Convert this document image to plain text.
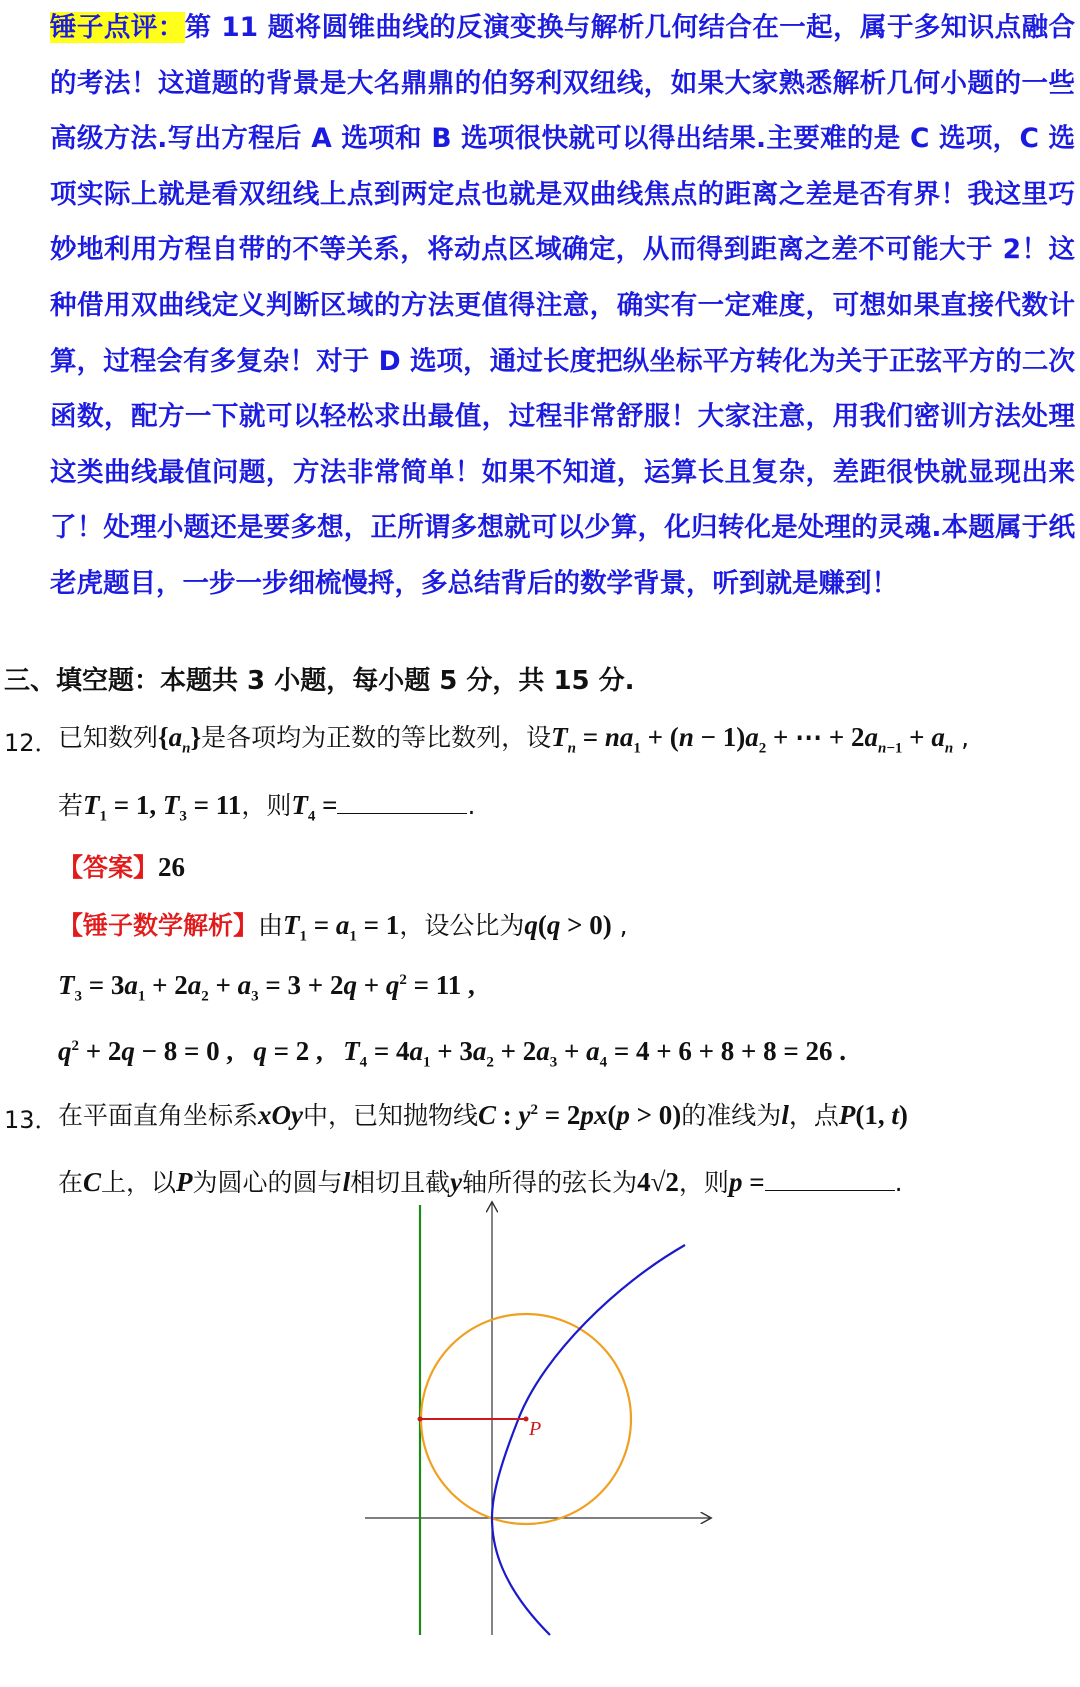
锤子点评：第 11 题将圆锥曲线的反演变换与解析几何结合在一起，属于多知识点融合的考法！这道题的背景是大名鼎鼎的伯努利双纽线，如果大家熟悉解析几何小题的一些高级方法.写出方程后 A 选项和 B 选项很快就可以得出结果.主要难的是 C 选项，C 选项实际上就是看双纽线上点到两定点也就是双曲线焦点的距离之差是否有界！我这里巧妙地利用方程自带的不等关系，将动点区域确定，从而得到距离之差不可能大于 2！这种借用双曲线定义判断区域的方法更值得注意，确实有一定难度，可想如果直接代数计算，过程会有多复杂！对于 D 选项，通过长度把纵坐标平方转化为关于正弦平方的二次函数，配方一下就可以轻松求出最值，过程非常舒服！大家注意，用我们密训方法处理这类曲线最值问题，方法非常简单！如果不知道，运算长且复杂，差距很快就显现出来了！处理小题还是要多想，正所谓多想就可以少算，化归转化是处理的灵魂.本题属于纸老虎题目，一步一步细梳慢捋，多总结背后的数学背景，听到就是赚到！
三、填空题：本题共 3 小题，每小题 5 分，共 15 分.
12． 已知数列$\{a_n\}$是各项均为正数的等比数列，设$T_n = na_1 + (n - 1)a_2$ + ⋯ + $2a_{n-1} + a_n$ ,
若$T_1 = 1$, $T_3 = 11$，则$T_4$ =	.
【答案】26
【锤子数学解析】由$T_1 = a_1 = 1$，设公比为q(q > 0) ,
$T_3 = 3a_1 + 2a_2 + a_3 = 3 + 2q + q^2 = 11$ ,
$q^2 + 2q - 8 = 0$ ,   q = 2 ,   $T_4 = 4a_1 + 3a_2 + 2a_3 + a_4 = 4 + 6 + 8 + 8 = 26$ .
13． 在平面直角坐标系xOy中，已知抛物线C : $y^2 = 2px(p > 0)$的准线为l，点P(1, t)
在C上，以P为圆心的圆与l相切且截y轴所得的弦长为4√2，则p =	.
P
